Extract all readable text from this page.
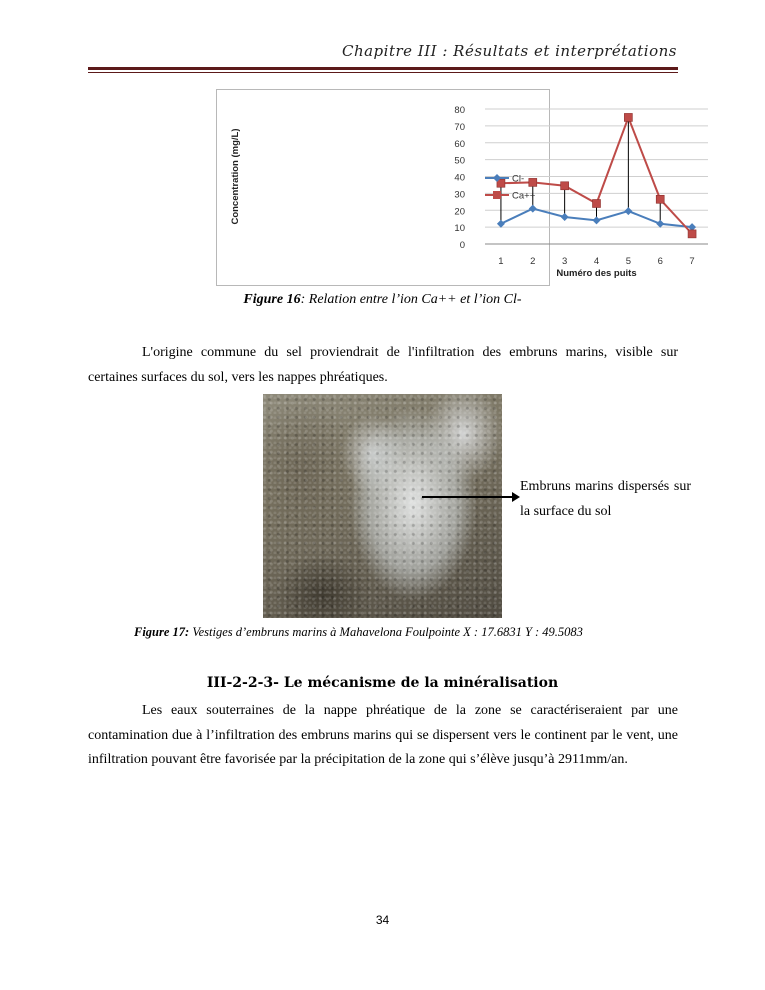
Chapitre III : Résultats et interprétations
0
10
20
30
40
50
60
70
80
1	2	3	4	5	6	7
Numéro des puits
Concentration (mg/L)	Cl-
Ca++
Figure 16: Relation entre l’ion Ca++ et l’ion Cl-
L'origine commune du sel proviendrait de l'infiltration des embruns marins, visible sur certaines surfaces du sol, vers les nappes phréatiques.
Embruns marins dispersés sur la surface du sol
Figure 17: Vestiges d’embruns marins à Mahavelona Foulpointe X : 17.6831 Y : 49.5083
III-2-2-3- Le mécanisme de la minéralisation
Les eaux souterraines de la nappe phréatique de la zone se caractériseraient par une contamination due à l’infiltration des embruns marins qui se dispersent vers le continent par le vent, une infiltration pouvant être favorisée par la précipitation de la zone qui s’élève jusqu’à 2911mm/an.
34
